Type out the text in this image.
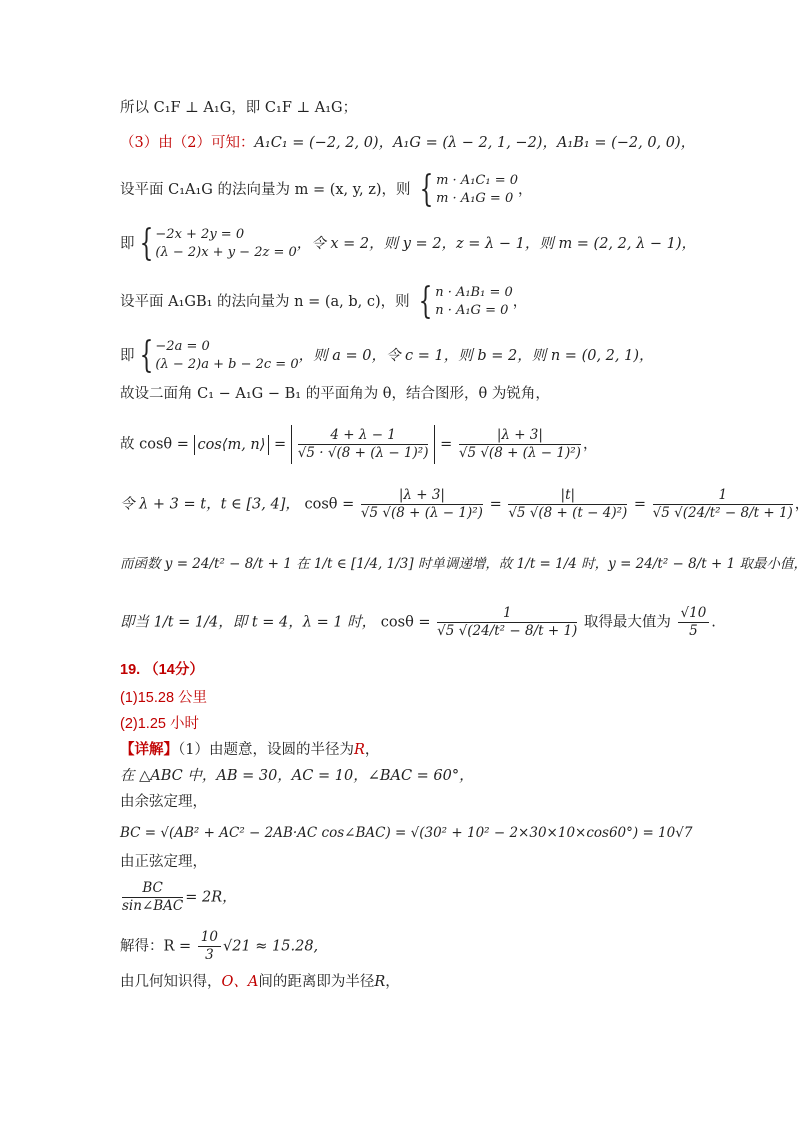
所以 C₁F ⊥ A₁G，即 C₁F ⊥ A₁G；
（3）由（2）可知：A₁C₁ = (−2, 2, 0)，A₁G = (λ − 2, 1, −2)，A₁B₁ = (−2, 0, 0)，
设平面 C₁A₁G 的法向量为 m = (x, y, z)，则 { m · A₁C₁ = 0
m · A₁G = 0
，
即 { −2x + 2y = 0
(λ − 2)x + y − 2z = 0
，令 x = 2，则 y = 2，z = λ − 1，则 m = (2, 2, λ − 1)，
设平面 A₁GB₁ 的法向量为 n = (a, b, c)，则 { n · A₁B₁ = 0
n · A₁G = 0
，
即 { −2a = 0
(λ − 2)a + b − 2c = 0
，则 a = 0，令 c = 1，则 b = 2，则 n = (0, 2, 1)，
故设二面角 C₁ − A₁G − B₁ 的平面角为 θ，结合图形，θ 为锐角，
故 cosθ = cos⟨m, n⟩ = $\frac{4 + \lambda - 1}{\text{√5 · √(8 + (λ − 1)²)}} = \frac{|\lambda + 3|}{\text{√5 √(8 + (λ − 1)²)}}$ ，
令 λ + 3 = t，t ∈ [3, 4]， $\cos\theta = \frac{|\lambda + 3|}{\text{√5 √(8 + (λ − 1)²)}} = \frac{|t|}{\text{√5 √(8 + (t − 4)²)}} = \frac{1}{\text{√5 √(24/t² − 8/t + 1)}}$ ，
而函数 y = 24/t² − 8/t + 1 在 1/t ∈ [1/4, 1/3] 时单调递增，故 1/t = 1/4 时，y = 24/t² − 8/t + 1 取最小值，
即当 1/t = 1/4，即 t = 4，λ = 1 时， $\cos\theta = \frac{1}{\text{√5 √(24/t² − 8/t + 1)}}$ 取得最大值为 $\frac{√10}{5}$ .
19. （14分）
(1)15.28 公里
(2)1.25 小时
【详解】（1）由题意，设圆的半径为R，
在 △ABC 中，AB = 30，AC = 10，∠BAC = 60°，
由余弦定理，
BC = √(AB² + AC² − 2AB·AC cos∠BAC) = √(30² + 10² − 2×30×10×cos60°) = 10√7
由正弦定理，
$\frac{BC}{\text{sin∠BAC}} = 2R$，
解得：$R = \frac{10}{3} √21 \approx 15.28$,
由几何知识得，O、A间的距离即为半径R，
